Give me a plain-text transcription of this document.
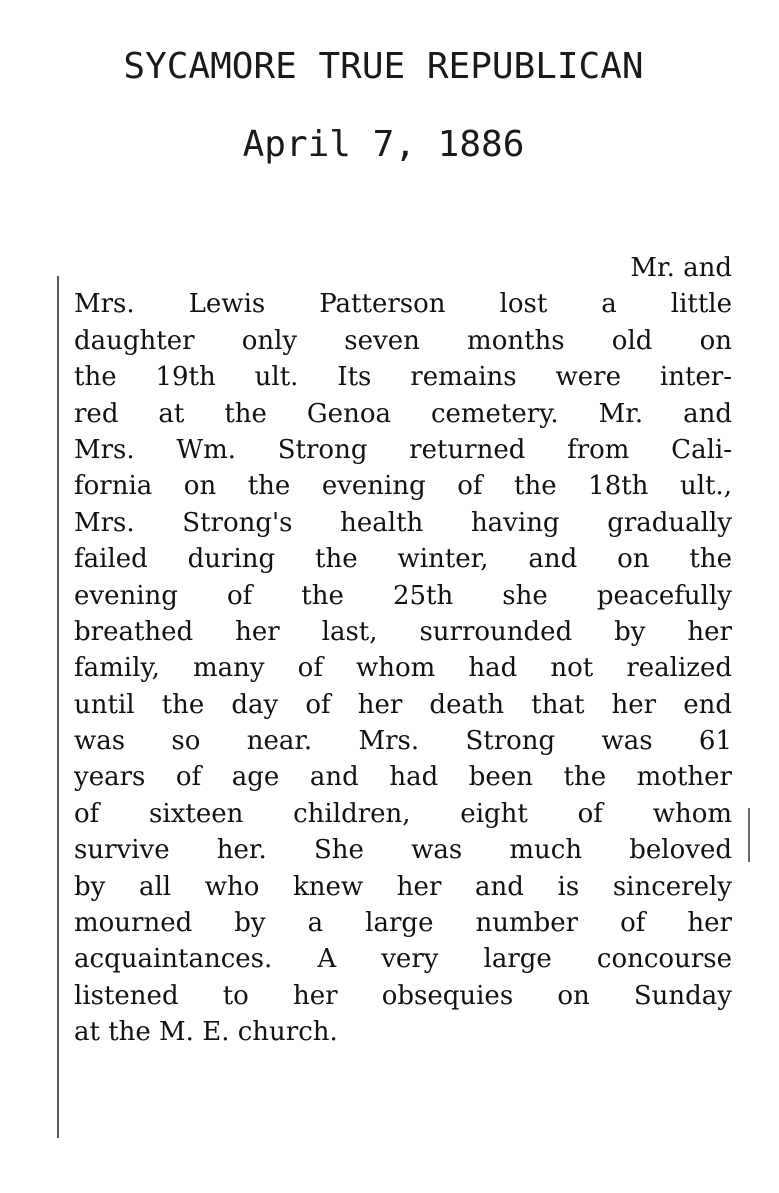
SYCAMORE TRUE REPUBLICAN
April 7, 1886
Mr. and
Mrs. Lewis Patterson lost a little
daughter only seven months old on
the 19th ult. Its remains were inter-
red at the Genoa cemetery. Mr. and
Mrs. Wm. Strong returned from Cali-
fornia on the evening of the 18th ult.,
Mrs. Strong's health having gradually
failed during the winter, and on the
evening of the 25th she peacefully
breathed her last, surrounded by her
family, many of whom had not realized
until the day of her death that her end
was so near. Mrs. Strong was 61
years of age and had been the mother
of sixteen children, eight of whom
survive her. She was much beloved
by all who knew her and is sincerely
mourned by a large number of her
acquaintances. A very large concourse
listened to her obsequies on Sunday
at the M. E. church.
